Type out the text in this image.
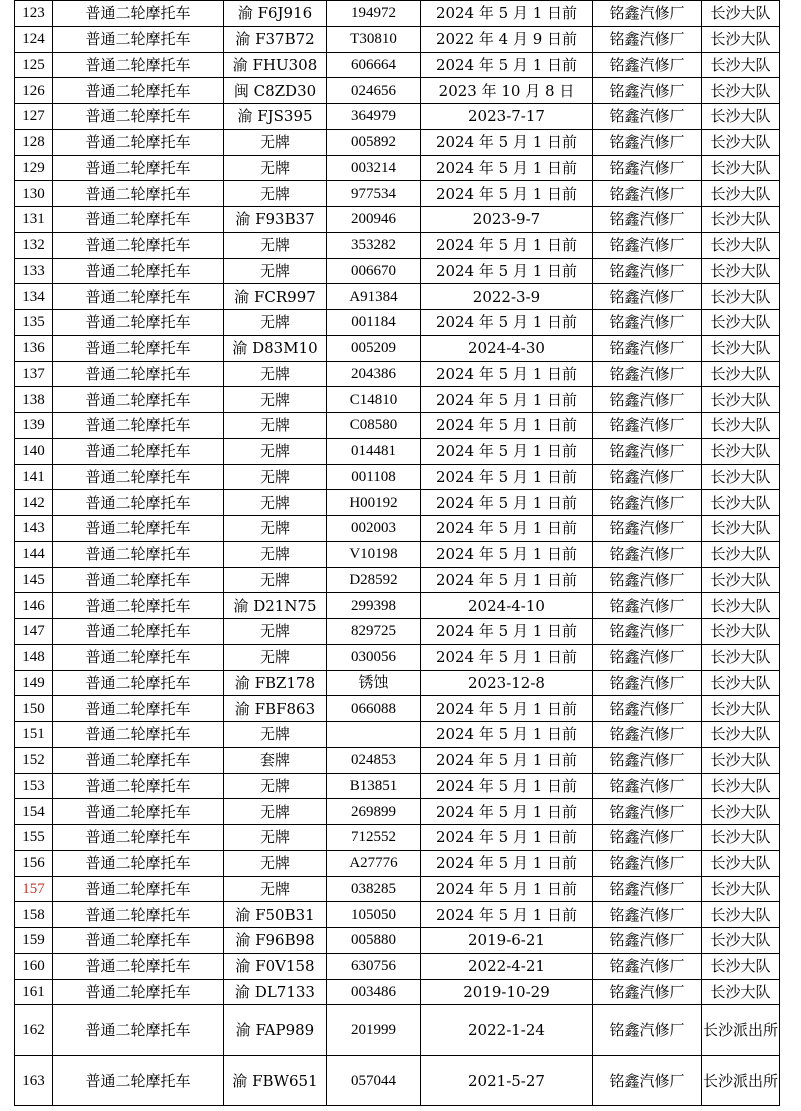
123	普通二轮摩托车	渝 F6J916	194972	2024 年 5 月 1 日前	铭鑫汽修厂	长沙大队
124	普通二轮摩托车	渝 F37B72	T30810	2022 年 4 月 9 日前	铭鑫汽修厂	长沙大队
125	普通二轮摩托车	渝 FHU308	606664	2024 年 5 月 1 日前	铭鑫汽修厂	长沙大队
126	普通二轮摩托车	闽 C8ZD30	024656	2023 年 10 月 8 日	铭鑫汽修厂	长沙大队
127	普通二轮摩托车	渝 FJS395	364979	2023-7-17	铭鑫汽修厂	长沙大队
128	普通二轮摩托车	无牌	005892	2024 年 5 月 1 日前	铭鑫汽修厂	长沙大队
129	普通二轮摩托车	无牌	003214	2024 年 5 月 1 日前	铭鑫汽修厂	长沙大队
130	普通二轮摩托车	无牌	977534	2024 年 5 月 1 日前	铭鑫汽修厂	长沙大队
131	普通二轮摩托车	渝 F93B37	200946	2023-9-7	铭鑫汽修厂	长沙大队
132	普通二轮摩托车	无牌	353282	2024 年 5 月 1 日前	铭鑫汽修厂	长沙大队
133	普通二轮摩托车	无牌	006670	2024 年 5 月 1 日前	铭鑫汽修厂	长沙大队
134	普通二轮摩托车	渝 FCR997	A91384	2022-3-9	铭鑫汽修厂	长沙大队
135	普通二轮摩托车	无牌	001184	2024 年 5 月 1 日前	铭鑫汽修厂	长沙大队
136	普通二轮摩托车	渝 D83M10	005209	2024-4-30	铭鑫汽修厂	长沙大队
137	普通二轮摩托车	无牌	204386	2024 年 5 月 1 日前	铭鑫汽修厂	长沙大队
138	普通二轮摩托车	无牌	C14810	2024 年 5 月 1 日前	铭鑫汽修厂	长沙大队
139	普通二轮摩托车	无牌	C08580	2024 年 5 月 1 日前	铭鑫汽修厂	长沙大队
140	普通二轮摩托车	无牌	014481	2024 年 5 月 1 日前	铭鑫汽修厂	长沙大队
141	普通二轮摩托车	无牌	001108	2024 年 5 月 1 日前	铭鑫汽修厂	长沙大队
142	普通二轮摩托车	无牌	H00192	2024 年 5 月 1 日前	铭鑫汽修厂	长沙大队
143	普通二轮摩托车	无牌	002003	2024 年 5 月 1 日前	铭鑫汽修厂	长沙大队
144	普通二轮摩托车	无牌	V10198	2024 年 5 月 1 日前	铭鑫汽修厂	长沙大队
145	普通二轮摩托车	无牌	D28592	2024 年 5 月 1 日前	铭鑫汽修厂	长沙大队
146	普通二轮摩托车	渝 D21N75	299398	2024-4-10	铭鑫汽修厂	长沙大队
147	普通二轮摩托车	无牌	829725	2024 年 5 月 1 日前	铭鑫汽修厂	长沙大队
148	普通二轮摩托车	无牌	030056	2024 年 5 月 1 日前	铭鑫汽修厂	长沙大队
149	普通二轮摩托车	渝 FBZ178	锈蚀	2023-12-8	铭鑫汽修厂	长沙大队
150	普通二轮摩托车	渝 FBF863	066088	2024 年 5 月 1 日前	铭鑫汽修厂	长沙大队
151	普通二轮摩托车	无牌		2024 年 5 月 1 日前	铭鑫汽修厂	长沙大队
152	普通二轮摩托车	套牌	024853	2024 年 5 月 1 日前	铭鑫汽修厂	长沙大队
153	普通二轮摩托车	无牌	B13851	2024 年 5 月 1 日前	铭鑫汽修厂	长沙大队
154	普通二轮摩托车	无牌	269899	2024 年 5 月 1 日前	铭鑫汽修厂	长沙大队
155	普通二轮摩托车	无牌	712552	2024 年 5 月 1 日前	铭鑫汽修厂	长沙大队
156	普通二轮摩托车	无牌	A27776	2024 年 5 月 1 日前	铭鑫汽修厂	长沙大队
157	普通二轮摩托车	无牌	038285	2024 年 5 月 1 日前	铭鑫汽修厂	长沙大队
158	普通二轮摩托车	渝 F50B31	105050	2024 年 5 月 1 日前	铭鑫汽修厂	长沙大队
159	普通二轮摩托车	渝 F96B98	005880	2019-6-21	铭鑫汽修厂	长沙大队
160	普通二轮摩托车	渝 F0V158	630756	2022-4-21	铭鑫汽修厂	长沙大队
161	普通二轮摩托车	渝 DL7133	003486	2019-10-29	铭鑫汽修厂	长沙大队
162	普通二轮摩托车	渝 FAP989	201999	2022-1-24	铭鑫汽修厂	长沙派出所
163	普通二轮摩托车	渝 FBW651	057044	2021-5-27	铭鑫汽修厂	长沙派出所
